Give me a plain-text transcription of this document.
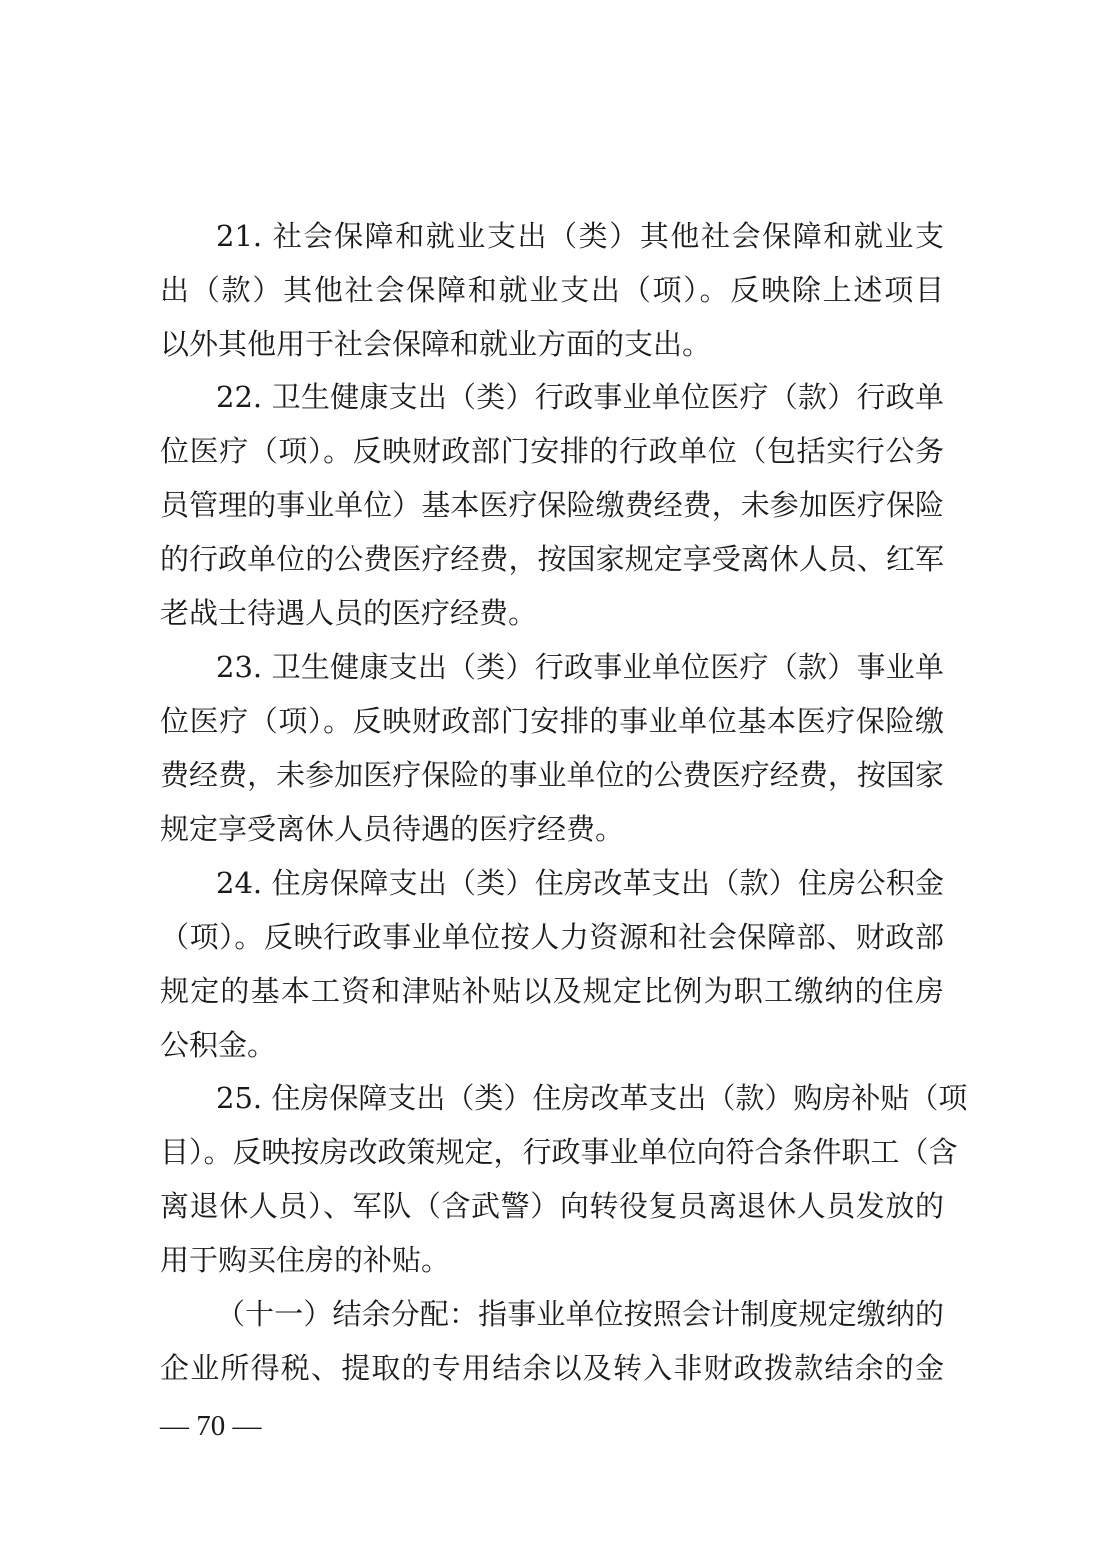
21. 社会保障和就业支出（类）其他社会保障和就业支
出（款）其他社会保障和就业支出（项）。反映除上述项目
以外其他用于社会保障和就业方面的支出。
22. 卫生健康支出（类）行政事业单位医疗（款）行政单
位医疗（项）。反映财政部门安排的行政单位（包括实行公务
员管理的事业单位）基本医疗保险缴费经费，未参加医疗保险
的行政单位的公费医疗经费，按国家规定享受离休人员、红军
老战士待遇人员的医疗经费。
23. 卫生健康支出（类）行政事业单位医疗（款）事业单
位医疗（项）。反映财政部门安排的事业单位基本医疗保险缴
费经费，未参加医疗保险的事业单位的公费医疗经费，按国家
规定享受离休人员待遇的医疗经费。
24. 住房保障支出（类）住房改革支出（款）住房公积金
（项）。反映行政事业单位按人力资源和社会保障部、财政部
规定的基本工资和津贴补贴以及规定比例为职工缴纳的住房
公积金。
25. 住房保障支出（类）住房改革支出（款）购房补贴（项
目）。反映按房改政策规定，行政事业单位向符合条件职工（含
离退休人员）、军队（含武警）向转役复员离退休人员发放的
用于购买住房的补贴。
（十一）结余分配：指事业单位按照会计制度规定缴纳的
企业所得税、提取的专用结余以及转入非财政拨款结余的金
— 70 —
